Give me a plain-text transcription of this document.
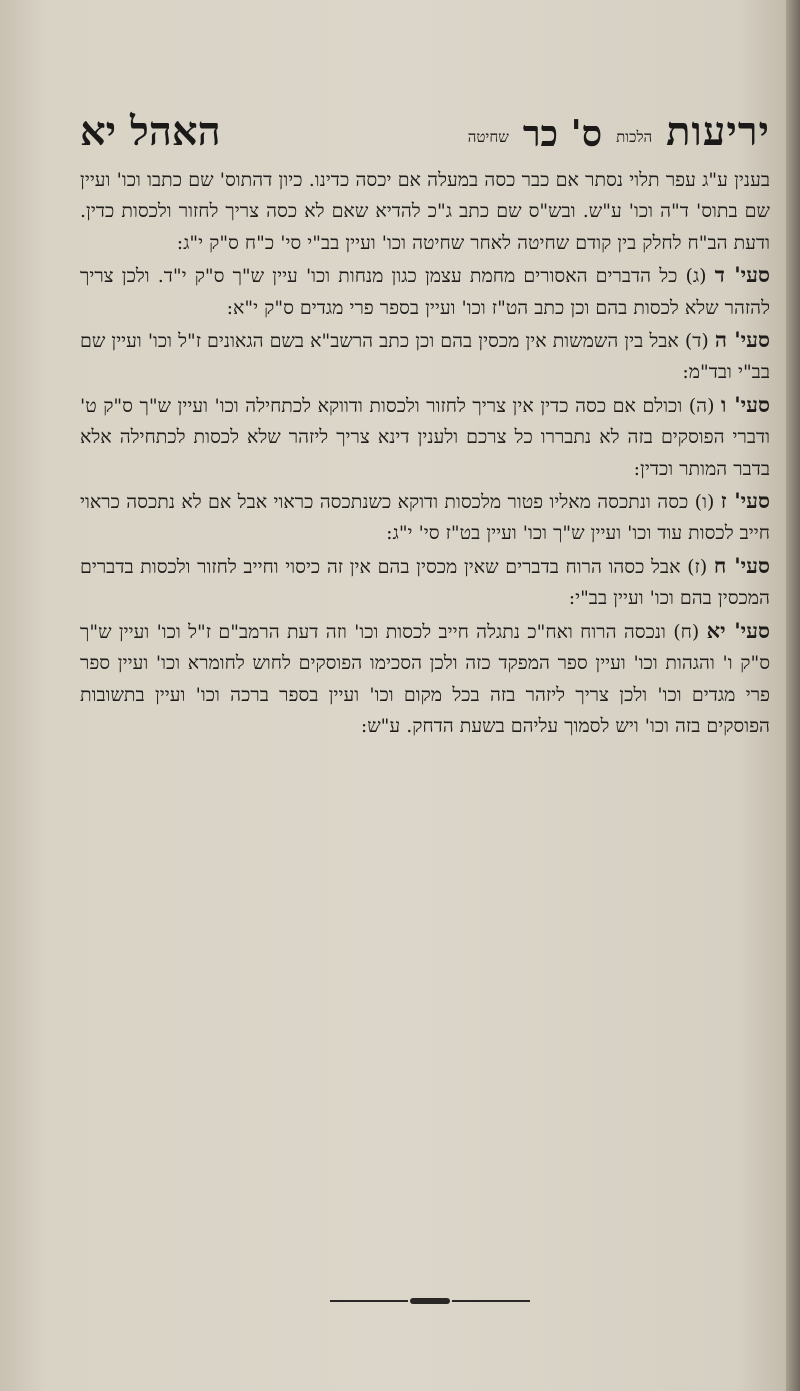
יריעות
הלכות
ס' כר
שחיטה
האהל
יא

בענין ע"ג עפר תלוי נסתר אם כבר כסה במעלה אם יכסה כדינו. כיון דהתוס' שם כתבו וכו' ועיין שם בתוס' ד"ה וכו' ע"ש. ובש"ס שם כתב ג"כ להדיא שאם לא כסה צריך לחזור ולכסות כדין. ודעת הב"ח לחלק בין קודם שחיטה לאחר שחיטה וכו' ועיין בב"י סי' כ"ח ס"ק י"ג:

סעי' ד (ג) כל הדברים האסורים מחמת עצמן כגון מנחות וכו' עיין ש"ך ס"ק י"ד. ולכן צריך להזהר שלא לכסות בהם וכן כתב הט"ז וכו' ועיין בספר פרי מגדים ס"ק י"א:

סעי' ה (ד) אבל בין השמשות אין מכסין בהם וכן כתב הרשב"א בשם הגאונים ז"ל וכו' ועיין שם בב"י ובד"מ:

סעי' ו (ה) וכולם אם כסה כדין אין צריך לחזור ולכסות ודווקא לכתחילה וכו' ועיין ש"ך ס"ק ט' ודברי הפוסקים בזה לא נתבררו כל צרכם ולענין דינא צריך ליזהר שלא לכסות לכתחילה אלא בדבר המותר וכדין:

סעי' ז (ו) כסה ונתכסה מאליו פטור מלכסות ודוקא כשנתכסה כראוי אבל אם לא נתכסה כראוי חייב לכסות עוד וכו' ועיין ש"ך וכו' ועיין בט"ז סי' י"ג:

סעי' ח (ז) אבל כסהו הרוח בדברים שאין מכסין בהם אין זה כיסוי וחייב לחזור ולכסות בדברים המכסין בהם וכו' ועיין בב"י:

סעי' יא (ח) ונכסה הרוח ואח"כ נתגלה חייב לכסות וכו' וזה דעת הרמב"ם ז"ל וכו' ועיין ש"ך ס"ק ו' והגהות וכו' ועיין ספר המפקד כזה ולכן הסכימו הפוסקים לחוש לחומרא וכו' ועיין ספר פרי מגדים וכו' ולכן צריך ליזהר בזה בכל מקום וכו' ועיין בספר ברכה וכו' ועיין בתשובות הפוסקים בזה וכו' ויש לסמוך עליהם בשעת הדחק. ע"ש:
